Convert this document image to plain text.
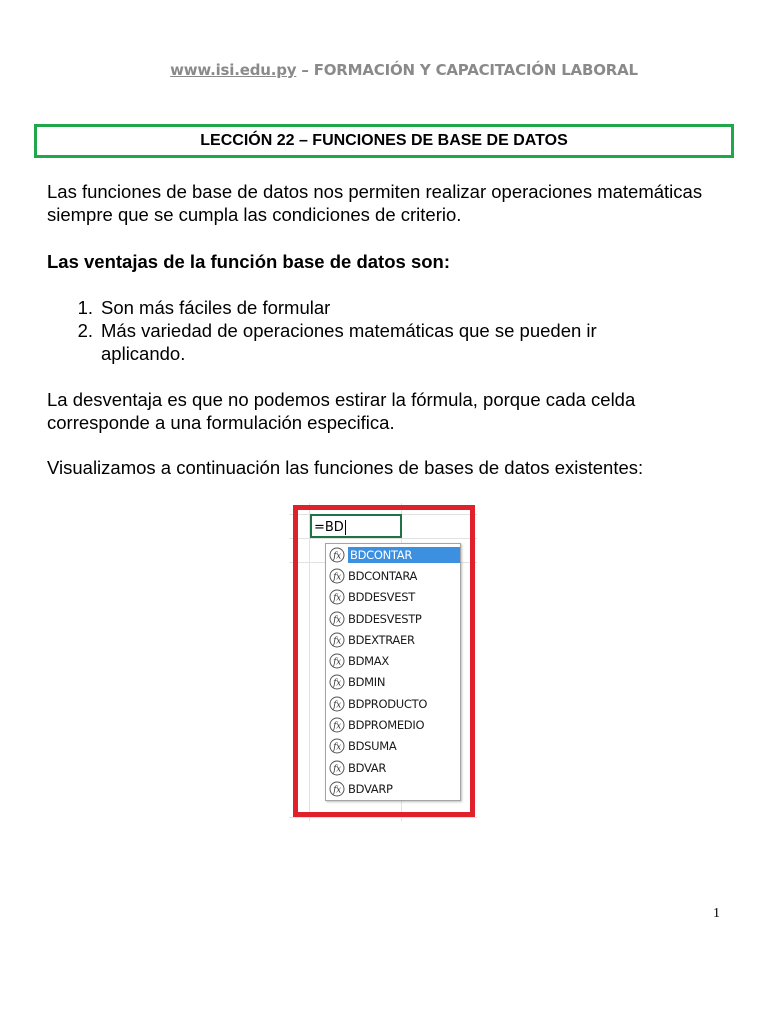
www.isi.edu.py – FORMACIÓN Y CAPACITACIÓN LABORAL
LECCIÓN 22 – FUNCIONES DE BASE DE DATOS
Las funciones de base de datos nos permiten realizar operaciones matemáticas siempre que se cumpla las condiciones de criterio.
Las ventajas de la función base de datos son:
1. Son más fáciles de formular
2. Más variedad de operaciones matemáticas que se pueden ir aplicando.
La desventaja es que no podemos estirar la fórmula, porque cada celda corresponde a una formulación especifica.
Visualizamos a continuación las funciones de bases de datos existentes:
=BD
fx BDCONTAR
fx BDCONTARA
fx BDDESVEST
fx BDDESVESTP
fx BDEXTRAER
fx BDMAX
fx BDMIN
fx BDPRODUCTO
fx BDPROMEDIO
fx BDSUMA
fx BDVAR
fx BDVARP
1
